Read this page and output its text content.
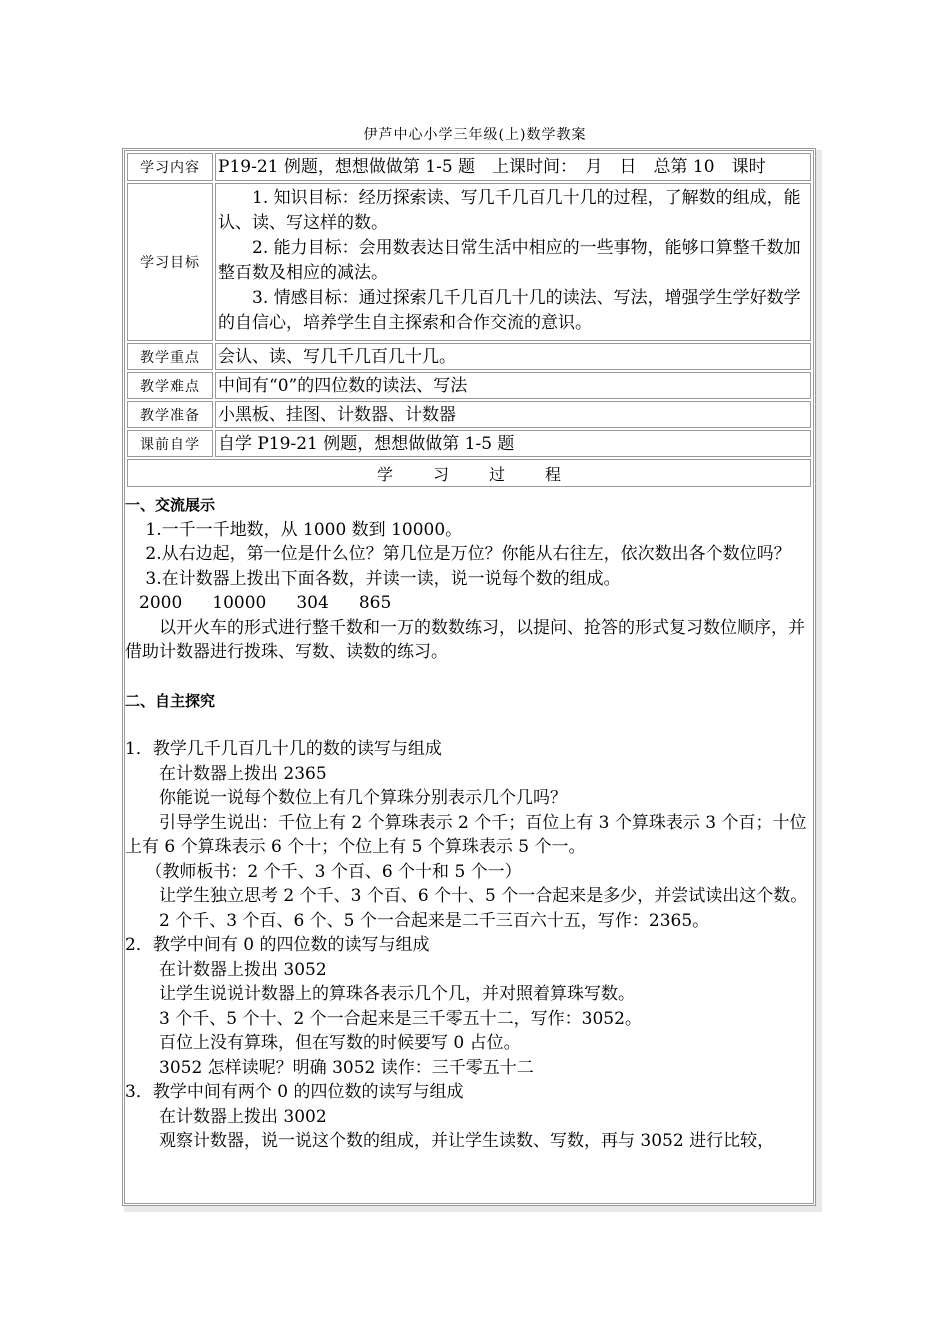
伊芦中心小学三年级(上)数学教案
学习内容	P19-21 例题，想想做做第 1-5 题　上课时间：　月　日　总第 10　课时
学习目标	1. 知识目标：经历探索读、写几千几百几十几的过程，了解数的组成，能认、读、写这样的数。

2. 能力目标：会用数表达日常生活中相应的一些事物，能够口算整千数加整百数及相应的减法。

3. 情感目标：通过探索几千几百几十几的读法、写法，增强学生学好数学的自信心，培养学生自主探索和合作交流的意识。

教学重点	会认、读、写几千几百几十几。
教学难点	中间有“0”的四位数的读法、写法
教学准备	小黑板、挂图、计数器、计数器
课前自学	自学 P19-21 例题，想想做做第 1-5 题
学习过程	

一、交流展示

1.一千一千地数，从 1000 数到 10000。

2.从右边起，第一位是什么位？第几位是万位？你能从右往左，依次数出各个数位吗？

3.在计数器上拨出下面各数，并读一读，说一说每个数的组成。

2000 10000 304 865

以开火车的形式进行整千数和一万的数数练习，以提问、抢答的形式复习数位顺序，并借助计数器进行拨珠、写数、读数的练习。

二、自主探究

1．教学几千几百几十几的数的读写与组成

在计数器上拨出 2365

你能说一说每个数位上有几个算珠分别表示几个几吗？

引导学生说出：千位上有 2 个算珠表示 2 个千；百位上有 3 个算珠表示 3 个百；十位上有 6 个算珠表示 6 个十；个位上有 5 个算珠表示 5 个一。

（教师板书：2 个千、3 个百、6 个十和 5 个一）

让学生独立思考 2 个千、3 个百、6 个十、5 个一合起来是多少，并尝试读出这个数。

2 个千、3 个百、6 个、5 个一合起来是二千三百六十五，写作：2365。

2．教学中间有 0 的四位数的读写与组成

在计数器上拨出 3052

让学生说说计数器上的算珠各表示几个几，并对照着算珠写数。

3 个千、5 个十、2 个一合起来是三千零五十二，写作：3052。

百位上没有算珠，但在写数的时候要写 0 占位。

3052 怎样读呢？明确 3052 读作：三千零五十二

3．教学中间有两个 0 的四位数的读写与组成

在计数器上拨出 3002

观察计数器，说一说这个数的组成，并让学生读数、写数，再与 3052 进行比较，
